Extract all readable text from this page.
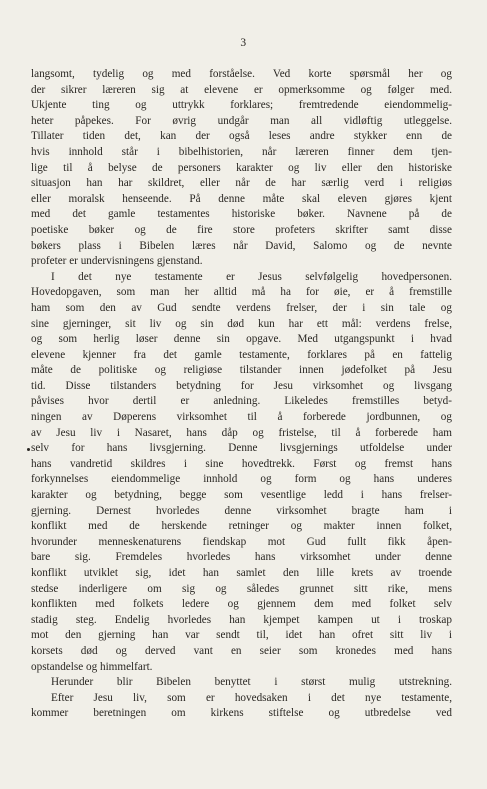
3
langsomt, tydelig og med forståelse. Ved korte spørsmål her og
der sikrer læreren sig at elevene er opmerksomme og følger med.
Ukjente ting og uttrykk forklares; fremtredende eiendommelig-
heter påpekes. For øvrig undgår man all vidløftig utleggelse.
Tillater tiden det, kan der også leses andre stykker enn de
hvis innhold står i bibelhistorien, når læreren finner dem tjen-
lige til å belyse de personers karakter og liv eller den historiske
situasjon han har skildret, eller når de har særlig verd i religiøs
eller moralsk henseende. På denne måte skal eleven gjøres kjent
med det gamle testamentes historiske bøker. Navnene på de
poetiske bøker og de fire store profeters skrifter samt disse
bøkers plass i Bibelen læres når David, Salomo og de nevnte
profeter er undervisningens gjenstand.
I det nye testamente er Jesus selvfølgelig hovedpersonen.
Hovedopgaven, som man her alltid må ha for øie, er å fremstille
ham som den av Gud sendte verdens frelser, der i sin tale og
sine gjerninger, sit liv og sin død kun har ett mål: verdens frelse,
og som herlig løser denne sin opgave. Med utgangspunkt i hvad
elevene kjenner fra det gamle testamente, forklares på en fattelig
måte de politiske og religiøse tilstander innen jødefolket på Jesu
tid. Disse tilstanders betydning for Jesu virksomhet og livsgang
påvises hvor dertil er anledning. Likeledes fremstilles betyd-
ningen av Døperens virksomhet til å forberede jordbunnen, og
av Jesu liv i Nasaret, hans dåp og fristelse, til å forberede ham
selv for hans livsgjerning. Denne livsgjernings utfoldelse under
hans vandretid skildres i sine hovedtrekk. Først og fremst hans
forkynnelses eiendommelige innhold og form og hans underes
karakter og betydning, begge som vesentlige ledd i hans frelser-
gjerning. Dernest hvorledes denne virksomhet bragte ham i
konflikt med de herskende retninger og makter innen folket,
hvorunder menneskenaturens fiendskap mot Gud fullt fikk åpen-
bare sig. Fremdeles hvorledes hans virksomhet under denne
konflikt utviklet sig, idet han samlet den lille krets av troende
stedse inderligere om sig og således grunnet sitt rike, mens
konflikten med folkets ledere og gjennem dem med folket selv
stadig steg. Endelig hvorledes han kjempet kampen ut i troskap
mot den gjerning han var sendt til, idet han ofret sitt liv i
korsets død og derved vant en seier som kronedes med hans
opstandelse og himmelfart.
Herunder blir Bibelen benyttet i størst mulig utstrekning.
Efter Jesu liv, som er hovedsaken i det nye testamente,
kommer beretningen om kirkens stiftelse og utbredelse ved
